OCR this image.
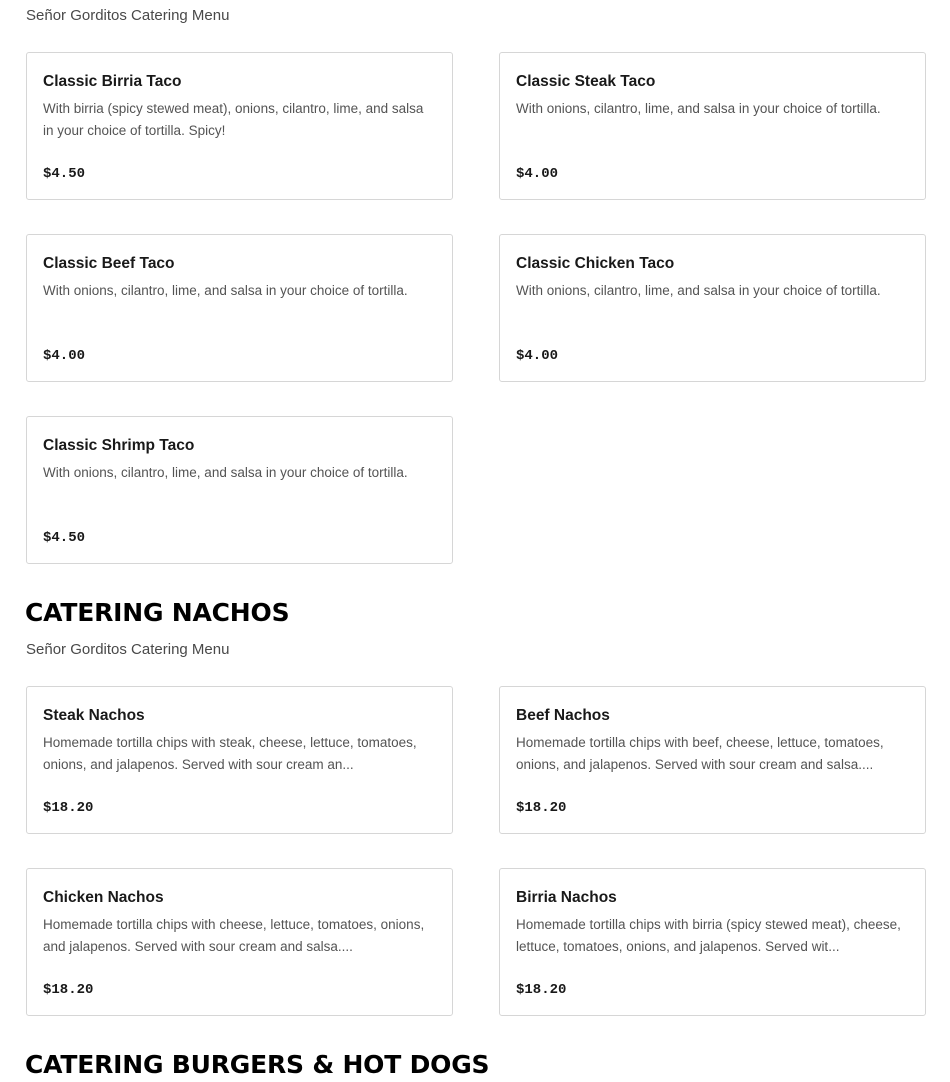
Señor Gorditos Catering Menu
Classic Birria Taco
With birria (spicy stewed meat), onions, cilantro, lime, and salsa in your choice of tortilla. Spicy!
$4.50
Classic Steak Taco
With onions, cilantro, lime, and salsa in your choice of tortilla.
$4.00
Classic Beef Taco
With onions, cilantro, lime, and salsa in your choice of tortilla.
$4.00
Classic Chicken Taco
With onions, cilantro, lime, and salsa in your choice of tortilla.
$4.00
Classic Shrimp Taco
With onions, cilantro, lime, and salsa in your choice of tortilla.
$4.50
CATERING NACHOS
Señor Gorditos Catering Menu
Steak Nachos
Homemade tortilla chips with steak, cheese, lettuce, tomatoes, onions, and jalapenos. Served with sour cream an...
$18.20
Beef Nachos
Homemade tortilla chips with beef, cheese, lettuce, tomatoes, onions, and jalapenos. Served with sour cream and salsa....
$18.20
Chicken Nachos
Homemade tortilla chips with cheese, lettuce, tomatoes, onions, and jalapenos. Served with sour cream and salsa....
$18.20
Birria Nachos
Homemade tortilla chips with birria (spicy stewed meat), cheese, lettuce, tomatoes, onions, and jalapenos. Served wit...
$18.20
CATERING BURGERS & HOT DOGS
